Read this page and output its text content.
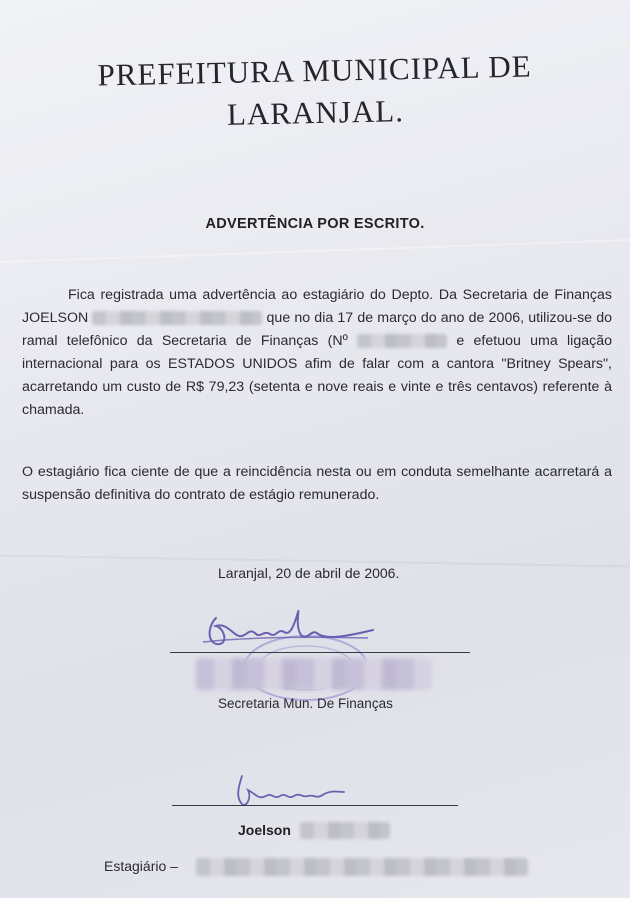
PREFEITURA MUNICIPAL DE
LARANJAL.
ADVERTÊNCIA POR ESCRITO.
Fica registrada uma advertência ao estagiário do Depto. Da Secretaria de Finanças JOELSON	que no dia 17 de março do ano de 2006, utilizou-se do ramal telefônico da Secretaria de Finanças (Nº	e efetuou uma ligação internacional para os ESTADOS UNIDOS afim de falar com a cantora "Britney Spears", acarretando um custo de R$ 79,23 (setenta e nove reais e vinte e três centavos) referente à chamada.
O estagiário fica ciente de que a reincidência nesta ou em conduta semelhante acarretará a suspensão definitiva do contrato de estágio remunerado.
Laranjal, 20 de abril de 2006.
Secretaria Mun. De Finanças
Joelson
Estagiário –
